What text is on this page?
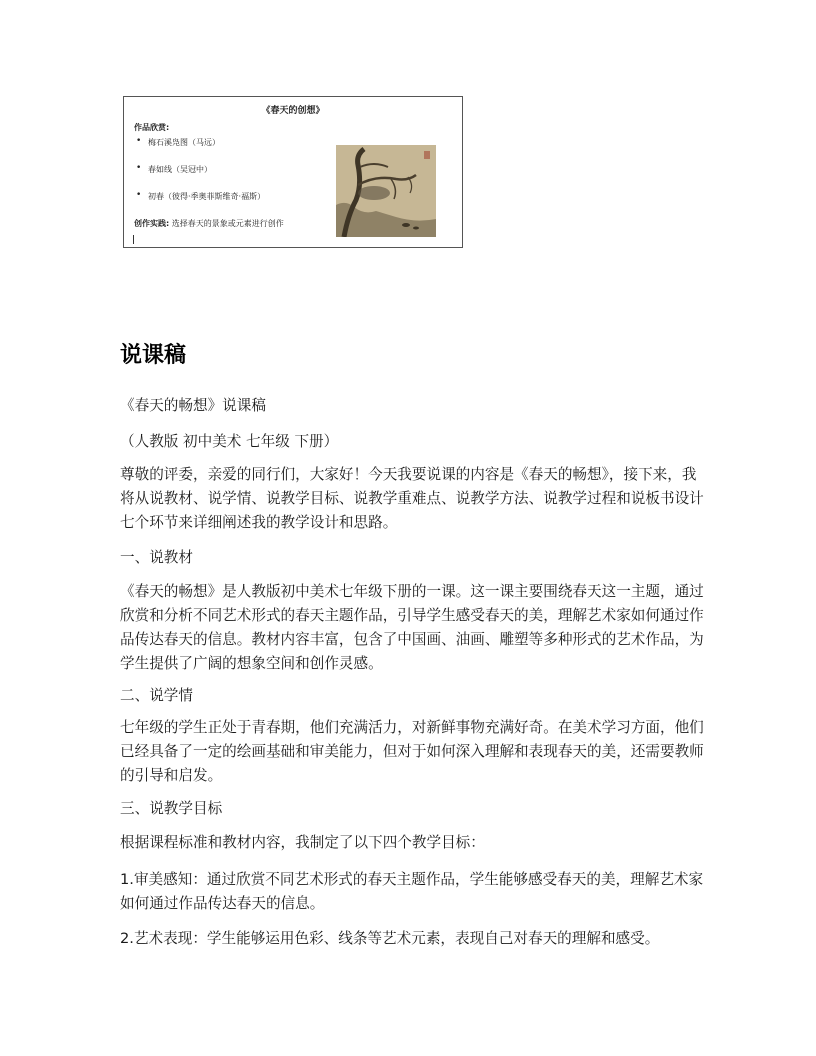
《春天的创想》
作品欣赏:
• 梅石溪凫图（马远）
• 春如线（吴冠中）
• 初春（彼得·季奥菲斯维奇·福斯）
创作实践: 选择春天的景象或元素进行创作
说课稿

《春天的畅想》说课稿

（人教版 初中美术 七年级 下册）

尊敬的评委，亲爱的同行们，大家好！今天我要说课的内容是《春天的畅想》，接下来，我将从说教材、说学情、说教学目标、说教学重难点、说教学方法、说教学过程和说板书设计七个环节来详细阐述我的教学设计和思路。

一、说教材

《春天的畅想》是人教版初中美术七年级下册的一课。这一课主要围绕春天这一主题，通过欣赏和分析不同艺术形式的春天主题作品，引导学生感受春天的美，理解艺术家如何通过作品传达春天的信息。教材内容丰富，包含了中国画、油画、雕塑等多种形式的艺术作品，为学生提供了广阔的想象空间和创作灵感。

二、说学情

七年级的学生正处于青春期，他们充满活力，对新鲜事物充满好奇。在美术学习方面，他们已经具备了一定的绘画基础和审美能力，但对于如何深入理解和表现春天的美，还需要教师的引导和启发。

三、说教学目标

根据课程标准和教材内容，我制定了以下四个教学目标：

1.审美感知：通过欣赏不同艺术形式的春天主题作品，学生能够感受春天的美，理解艺术家如何通过作品传达春天的信息。

2.艺术表现：学生能够运用色彩、线条等艺术元素，表现自己对春天的理解和感受。
